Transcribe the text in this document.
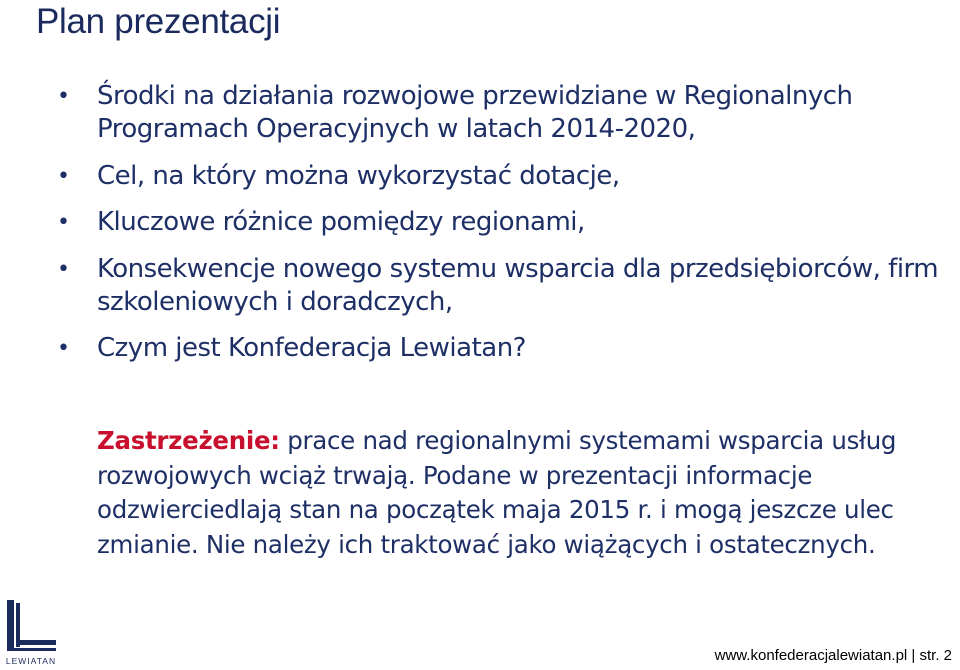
Plan prezentacji
• Środki na działania rozwojowe przewidziane w Regionalnych Programach Operacyjnych w latach 2014-2020,
• Cel, na który można wykorzystać dotacje,
• Kluczowe różnice pomiędzy regionami,
• Konsekwencje nowego systemu wsparcia dla przedsiębiorców, firm szkoleniowych i doradczych,
• Czym jest Konfederacja Lewiatan?

Zastrzeżenie: prace nad regionalnymi systemami wsparcia usług rozwojowych wciąż trwają. Podane w prezentacji informacje odzwierciedlają stan na początek maja 2015 r. i mogą jeszcze ulec zmianie. Nie należy ich traktować jako wiążących i ostatecznych.

LEWIATAN	www.konfederacjalewiatan.pl | str. 2
